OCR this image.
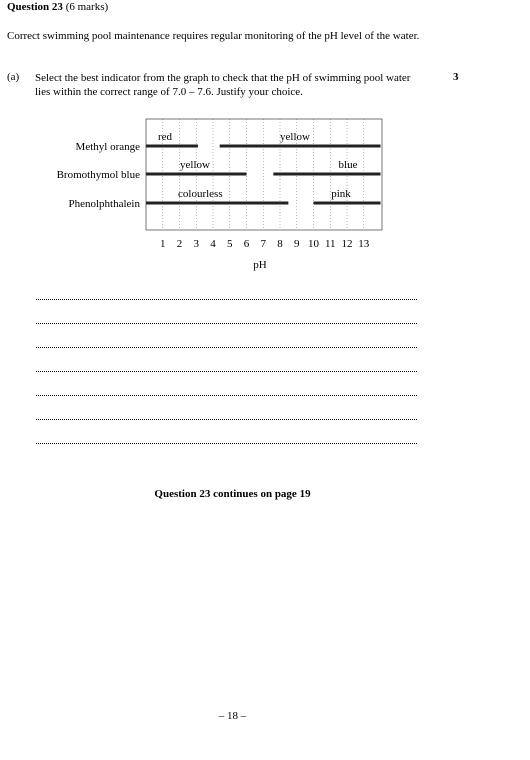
Question 23 (6 marks)
Correct swimming pool maintenance requires regular monitoring of the pH level of the water.
(a) Select the best indicator from the graph to check that the pH of swimming pool water lies within the correct range of 7.0 – 7.6. Justify your choice.
3
Methyl orange
red	yellow
Bromothymol blue
yellow	blue
Phenolphthalein
colourless	pink
1 2 3 4 5 6 7 8 9 10 11 12 13
pH
Question 23 continues on page 19
– 18 –
